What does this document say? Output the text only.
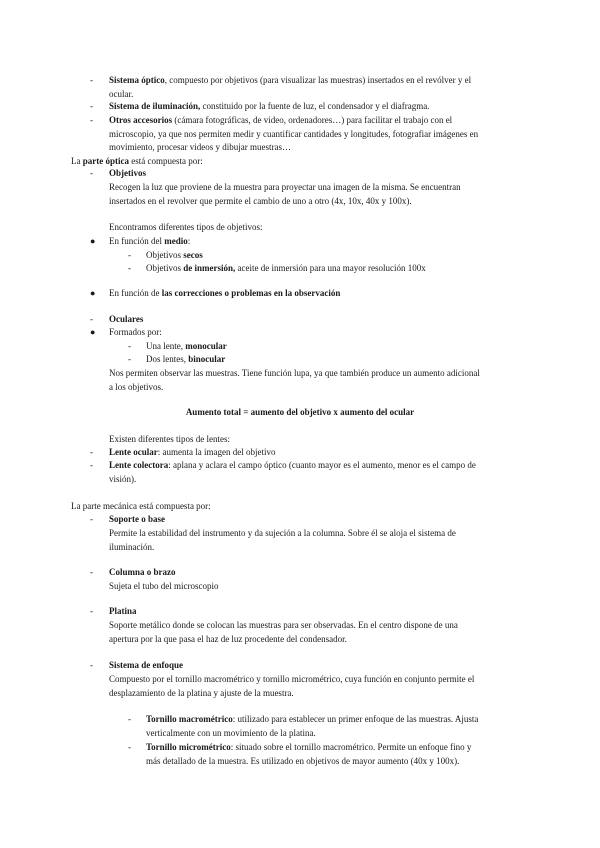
Sistema óptico, compuesto por objetivos (para visualizar las muestras) insertados en el revólver y el
-
ocular.
Sistema de iluminación, constituido por la fuente de luz, el condensador y el diafragma.
-
Otros accesorios (cámara fotográficas, de video, ordenadores…) para facilitar el trabajo con el
-
microscopio, ya que nos permiten medir y cuantificar cantidades y longitudes, fotografiar imágenes en
movimiento, procesar videos y dibujar muestras…
La parte óptica está compuesta por:
Objetivos
-
Recogen la luz que proviene de la muestra para proyectar una imagen de la misma. Se encuentran
insertados en el revolver que permite el cambio de uno a otro (4x, 10x, 40x y 100x).
Encontramos diferentes tipos de objetivos:
En función del medio:
●
Objetivos secos
-
Objetivos de inmersión, aceite de inmersión para una mayor resolución 100x
-
En función de las correcciones o problemas en la observación
●
Oculares
-
Formados por:
●
Una lente, monocular
-
Dos lentes, binocular
-
Nos permiten observar las muestras. Tiene función lupa, ya que también produce un aumento adicional
a los objetivos.
Aumento total = aumento del objetivo x aumento del ocular
Existen diferentes tipos de lentes:
Lente ocular: aumenta la imagen del objetivo
-
Lente colectora: aplana y aclara el campo óptico (cuanto mayor es el aumento, menor es el campo de
-
visión).
La parte mecánica está compuesta por:
Soporte o base
-
Permite la estabilidad del instrumento y da sujeción a la columna. Sobre él se aloja el sistema de
iluminación.
Columna o brazo
-
Sujeta el tubo del microscopio
Platina
-
Soporte metálico donde se colocan las muestras para ser observadas. En el centro dispone de una
apertura por la que pasa el haz de luz procedente del condensador.
Sistema de enfoque
-
Compuesto por el tornillo macrométrico y tornillo micrométrico, cuya función en conjunto permite el
desplazamiento de la platina y ajuste de la muestra.
Tornillo macrométrico: utilizado para establecer un primer enfoque de las muestras. Ajusta
-
verticalmente con un movimiento de la platina.
Tornillo micrométrico: situado sobre el tornillo macrométrico. Permite un enfoque fino y
-
más detallado de la muestra. Es utilizado en objetivos de mayor aumento (40x y 100x).
